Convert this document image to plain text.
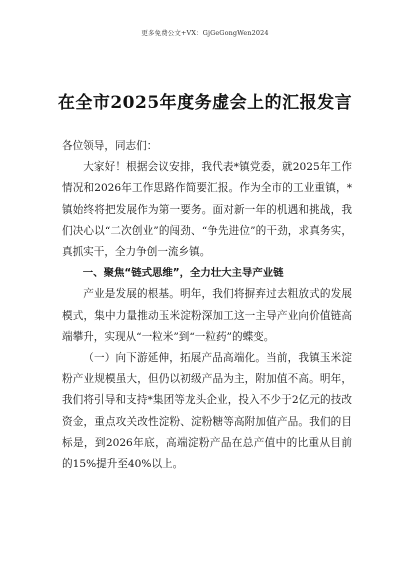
更多免费公文+VX：GjGeGongWen2024
在全市2025年度务虚会上的汇报发言

各位领导，同志们：

大家好！根据会议安排，我代表*镇党委，就2025年工作情况和2026年工作思路作简要汇报。作为全市的工业重镇，*镇始终将把发展作为第一要务。面对新一年的机遇和挑战，我们决心以“二次创业”的闯劲、“争先进位”的干劲，求真务实，真抓实干，全力争创一流乡镇。

一、聚焦“链式思维”，全力壮大主导产业链

产业是发展的根基。明年，我们将摒弃过去粗放式的发展模式，集中力量推动玉米淀粉深加工这一主导产业向价值链高端攀升，实现从“一粒米”到“一粒药”的蝶变。

（一）向下游延伸，拓展产品高端化。当前，我镇玉米淀粉产业规模虽大，但仍以初级产品为主，附加值不高。明年，我们将引导和支持*集团等龙头企业，投入不少于2亿元的技改资金，重点攻关改性淀粉、淀粉糖等高附加值产品。我们的目标是，到2026年底，高端淀粉产品在总产值中的比重从目前的15%提升至40%以上。
